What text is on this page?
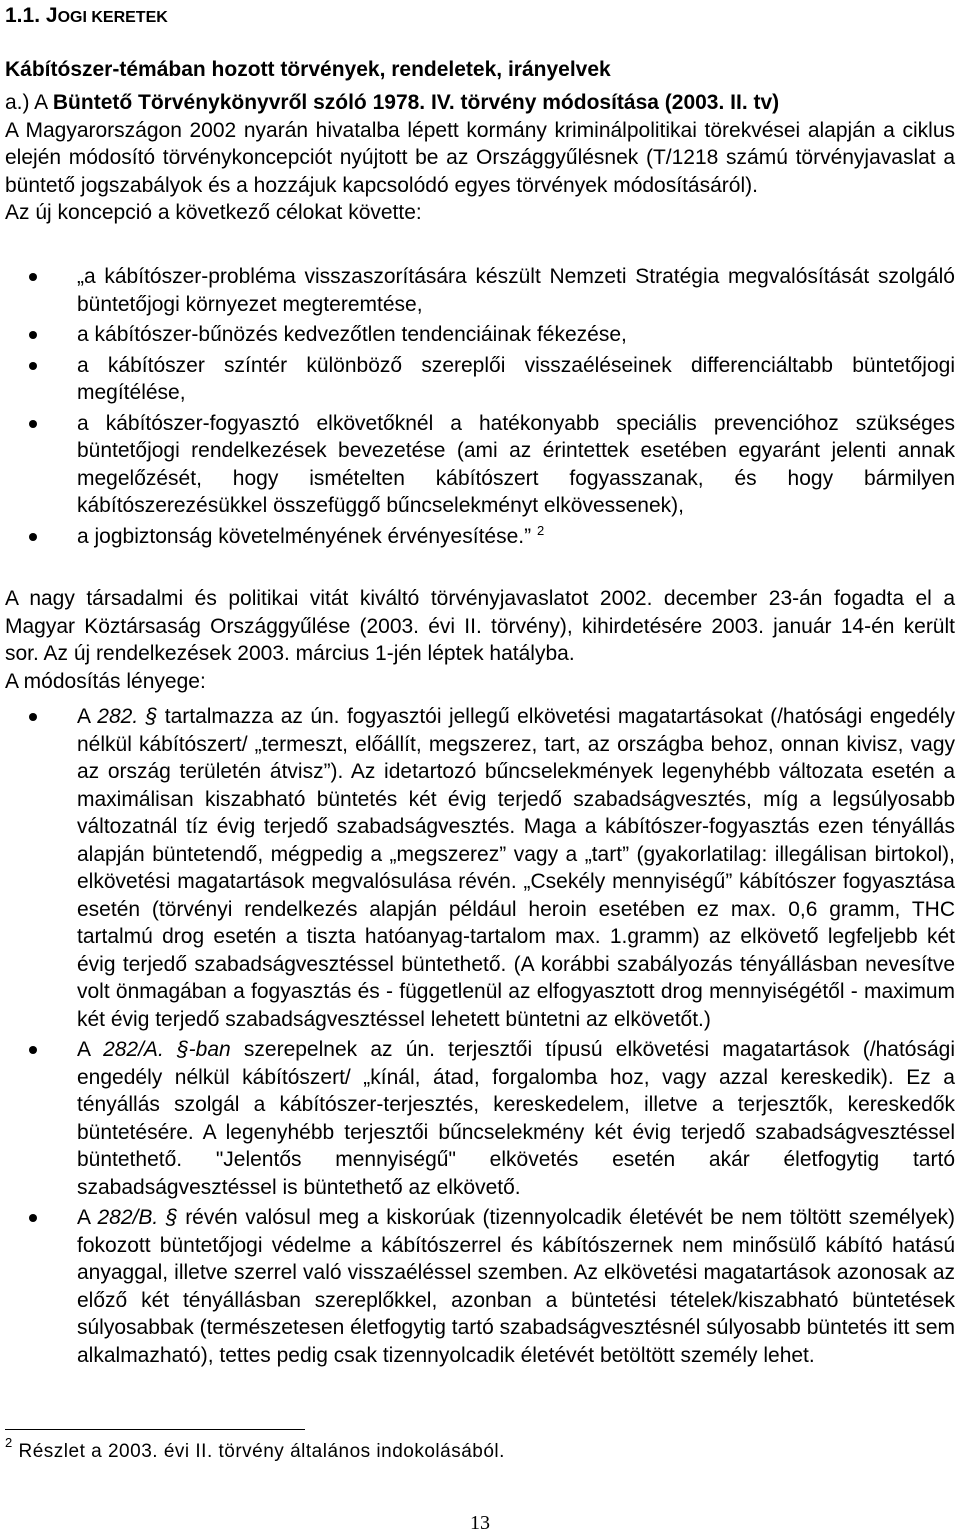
1.1. JOGI KERETEK
Kábítószer-témában hozott törvények, rendeletek, irányelvek
a.) A Büntető Törvénykönyvről szóló 1978. IV. törvény módosítása (2003. II. tv)
A Magyarországon 2002 nyarán hivatalba lépett kormány kriminálpolitikai törekvései alapján a ciklus elején módosító törvénykoncepciót nyújtott be az Országgyűlésnek (T/1218 számú törvényjavaslat a büntető jogszabályok és a hozzájuk kapcsolódó egyes törvények módosításáról).
Az új koncepció a következő célokat követte:
„a kábítószer-probléma visszaszorítására készült Nemzeti Stratégia megvalósítását szolgáló büntetőjogi környezet megteremtése,
a kábítószer-bűnözés kedvezőtlen tendenciáinak fékezése,
a kábítószer színtér különböző szereplői visszaéléseinek differenciáltabb büntetőjogi megítélése,
a kábítószer-fogyasztó elkövetőknél a hatékonyabb speciális prevencióhoz szükséges büntetőjogi rendelkezések bevezetése (ami az érintettek esetében egyaránt jelenti annak megelőzését, hogy ismételten kábítószert fogyasszanak, és hogy bármilyen kábítószerezésükkel összefüggő bűncselekményt elkövessenek),
a jogbiztonság követelményének érvényesítése.” $^2$
A nagy társadalmi és politikai vitát kiváltó törvényjavaslatot 2002. december 23-án fogadta el a Magyar Köztársaság Országgyűlése (2003. évi II. törvény), kihirdetésére 2003. január 14-én került sor. Az új rendelkezések 2003. március 1-jén léptek hatályba.
A módosítás lényege:
A 282. § tartalmazza az ún. fogyasztói jellegű elkövetési magatartásokat (/hatósági engedély nélkül kábítószert/ „termeszt, előállít, megszerez, tart, az országba behoz, onnan kivisz, vagy az ország területén átvisz”). Az idetartozó bűncselekmények legenyhébb változata esetén a maximálisan kiszabható büntetés két évig terjedő szabadságvesztés, míg a legsúlyosabb változatnál tíz évig terjedő szabadságvesztés. Maga a kábítószer-fogyasztás ezen tényállás alapján büntetendő, mégpedig a „megszerez” vagy a „tart” (gyakorlatilag: illegálisan birtokol), elkövetési magatartások megvalósulása révén. „Csekély mennyiségű” kábítószer fogyasztása esetén (törvényi rendelkezés alapján például heroin esetében ez max. 0,6 gramm, THC tartalmú drog esetén a tiszta hatóanyag-tartalom max. 1.gramm) az elkövető legfeljebb két évig terjedő szabadságvesztéssel büntethető. (A korábbi szabályozás tényállásban nevesítve volt önmagában a fogyasztás és - függetlenül az elfogyasztott drog mennyiségétől - maximum két évig terjedő szabadságvesztéssel lehetett büntetni az elkövetőt.)
A 282/A. §-ban szerepelnek az ún. terjesztői típusú elkövetési magatartások (/hatósági engedély nélkül kábítószert/ „kínál, átad, forgalomba hoz, vagy azzal kereskedik). Ez a tényállás szolgál a kábítószer-terjesztés, kereskedelem, illetve a terjesztők, kereskedők büntetésére. A legenyhébb terjesztői bűncselekmény két évig terjedő szabadságvesztéssel büntethető. "Jelentős mennyiségű" elkövetés esetén akár életfogytig tartó szabadságvesztéssel is büntethető az elkövető.
A 282/B. § révén valósul meg a kiskorúak (tizennyolcadik életévét be nem töltött személyek) fokozott büntetőjogi védelme a kábítószerrel és kábítószernek nem minősülő kábító hatású anyaggal, illetve szerrel való visszaéléssel szemben. Az elkövetési magatartások azonosak az előző két tényállásban szereplőkkel, azonban a büntetési tételek/kiszabható büntetések súlyosabbak (természetesen életfogytig tartó szabadságvesztésnél súlyosabb büntetés itt sem alkalmazható), tettes pedig csak tizennyolcadik életévét betöltött személy lehet.
$^2$ Részlet a 2003. évi II. törvény általános indokolásából.
13
